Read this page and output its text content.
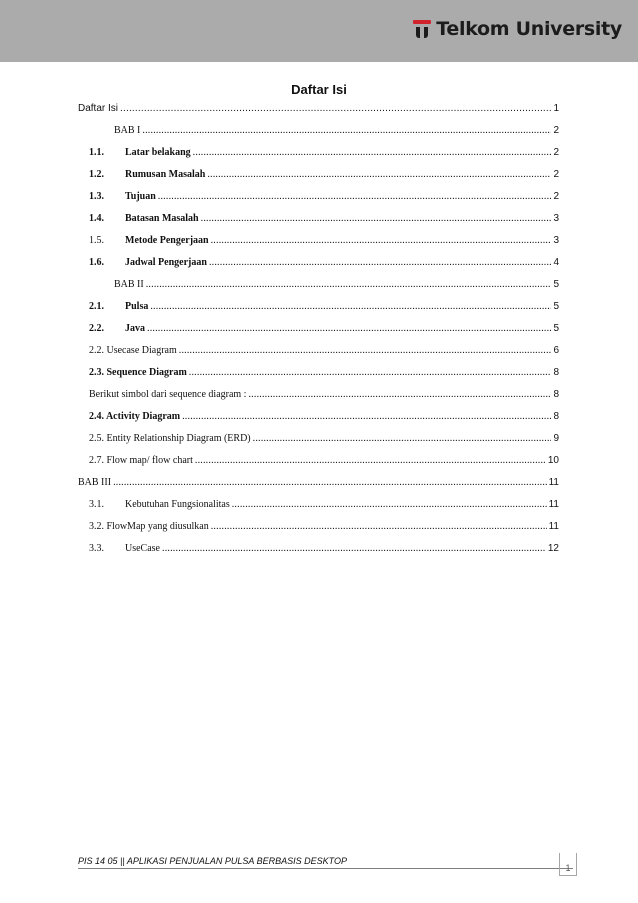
Telkom University
Daftar Isi
Daftar Isi .....	1
BAB I .....	2
1.1.	Latar belakang .....	2
1.2.	Rumusan Masalah .....	2
1.3.	Tujuan .....	2
1.4.	Batasan Masalah .....	3
1.5.	Metode Pengerjaan .....	3
1.6.	Jadwal Pengerjaan .....	4
BAB II .....	5
2.1.	Pulsa .....	5
2.2.	Java .....	5
2.2. Usecase Diagram .....	6
2.3. Sequence Diagram .....	8
Berikut simbol dari sequence diagram : .....	8
2.4. Activity Diagram .....	8
2.5. Entity Relationship Diagram (ERD) .....	9
2.7. Flow map/ flow chart .....	10
BAB III .....	11
3.1.	Kebutuhan Fungsionalitas .....	11
3.2. FlowMap yang diusulkan .....	11
3.3.	UseCase .....	12
PIS 14 05 || APLIKASI PENJUALAN PULSA BERBASIS DESKTOP
1
